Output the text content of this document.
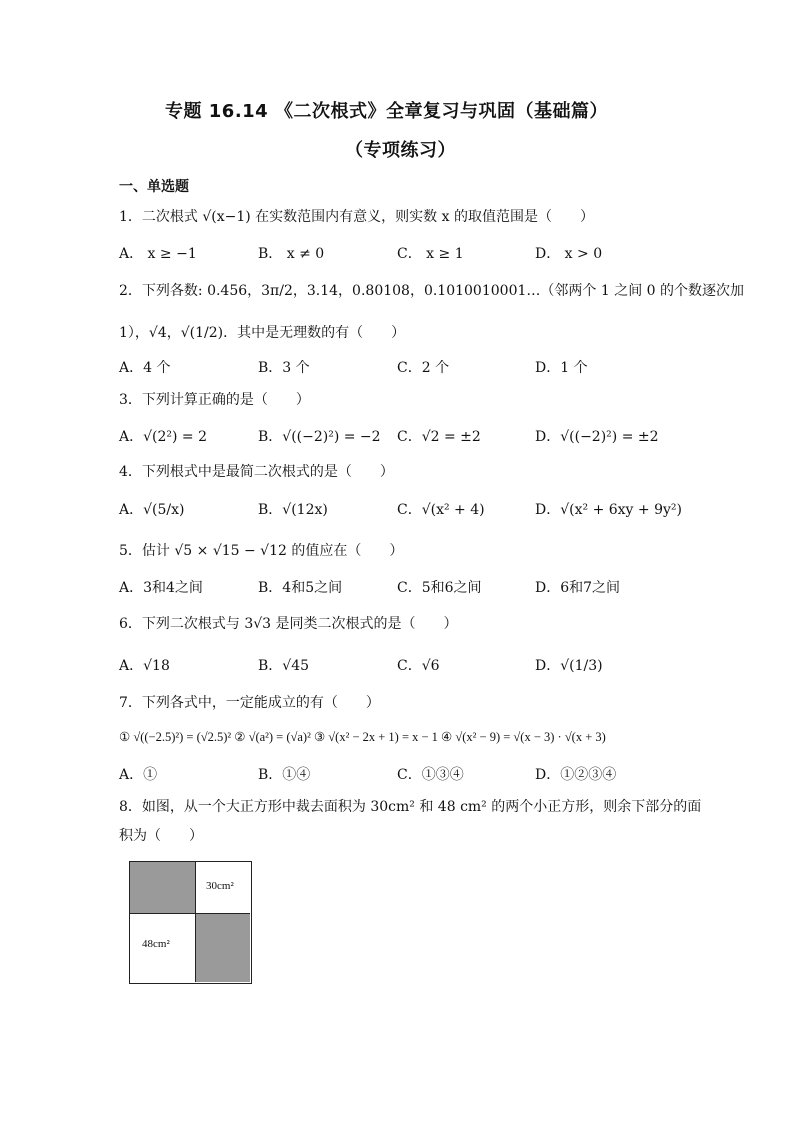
专题 16.14 《二次根式》全章复习与巩固（基础篇）
（专项练习）
一、单选题
1．二次根式 √(x−1) 在实数范围内有意义，则实数 x 的取值范围是（　　）
A． x ≥ −1	B． x ≠ 0	C． x ≥ 1	D． x > 0
2．下列各数: 0.456，3π/2，3.14，0.80108，0.1010010001…（邻两个 1 之间 0 的个数逐次加
1），√4，√(1/2)．其中是无理数的有（　　）
A．4 个	B．3 个	C．2 个	D．1 个
3．下列计算正确的是（　　）
A．√(2²) = 2	B．√((−2)²) = −2 C．√2 = ±2	D．√((−2)²) = ±2
4．下列根式中是最简二次根式的是（　　）
A．√(5/x)	B．√(12x)	C．√(x² + 4)	D．√(x² + 6xy + 9y²)
5．估计 √5 × √15 − √12 的值应在（　　）
A．3和4之间	B．4和5之间	C．5和6之间	D．6和7之间
6．下列二次根式与 3√3 是同类二次根式的是（　　）
A．√18	B．√45	C．√6	D．√(1/3)
7．下列各式中，一定能成立的有（　　）
① √((−2.5)²) = (√2.5)² ② √(a²) = (√a)² ③ √(x² − 2x + 1) = x − 1 ④ √(x² − 9) = √(x − 3) · √(x + 3)
A．①	B．①④	C．①③④	D．①②③④
8．如图，从一个大正方形中裁去面积为 30cm² 和 48 cm² 的两个小正方形，则余下部分的面
积为（　　）
30cm²
48cm²
